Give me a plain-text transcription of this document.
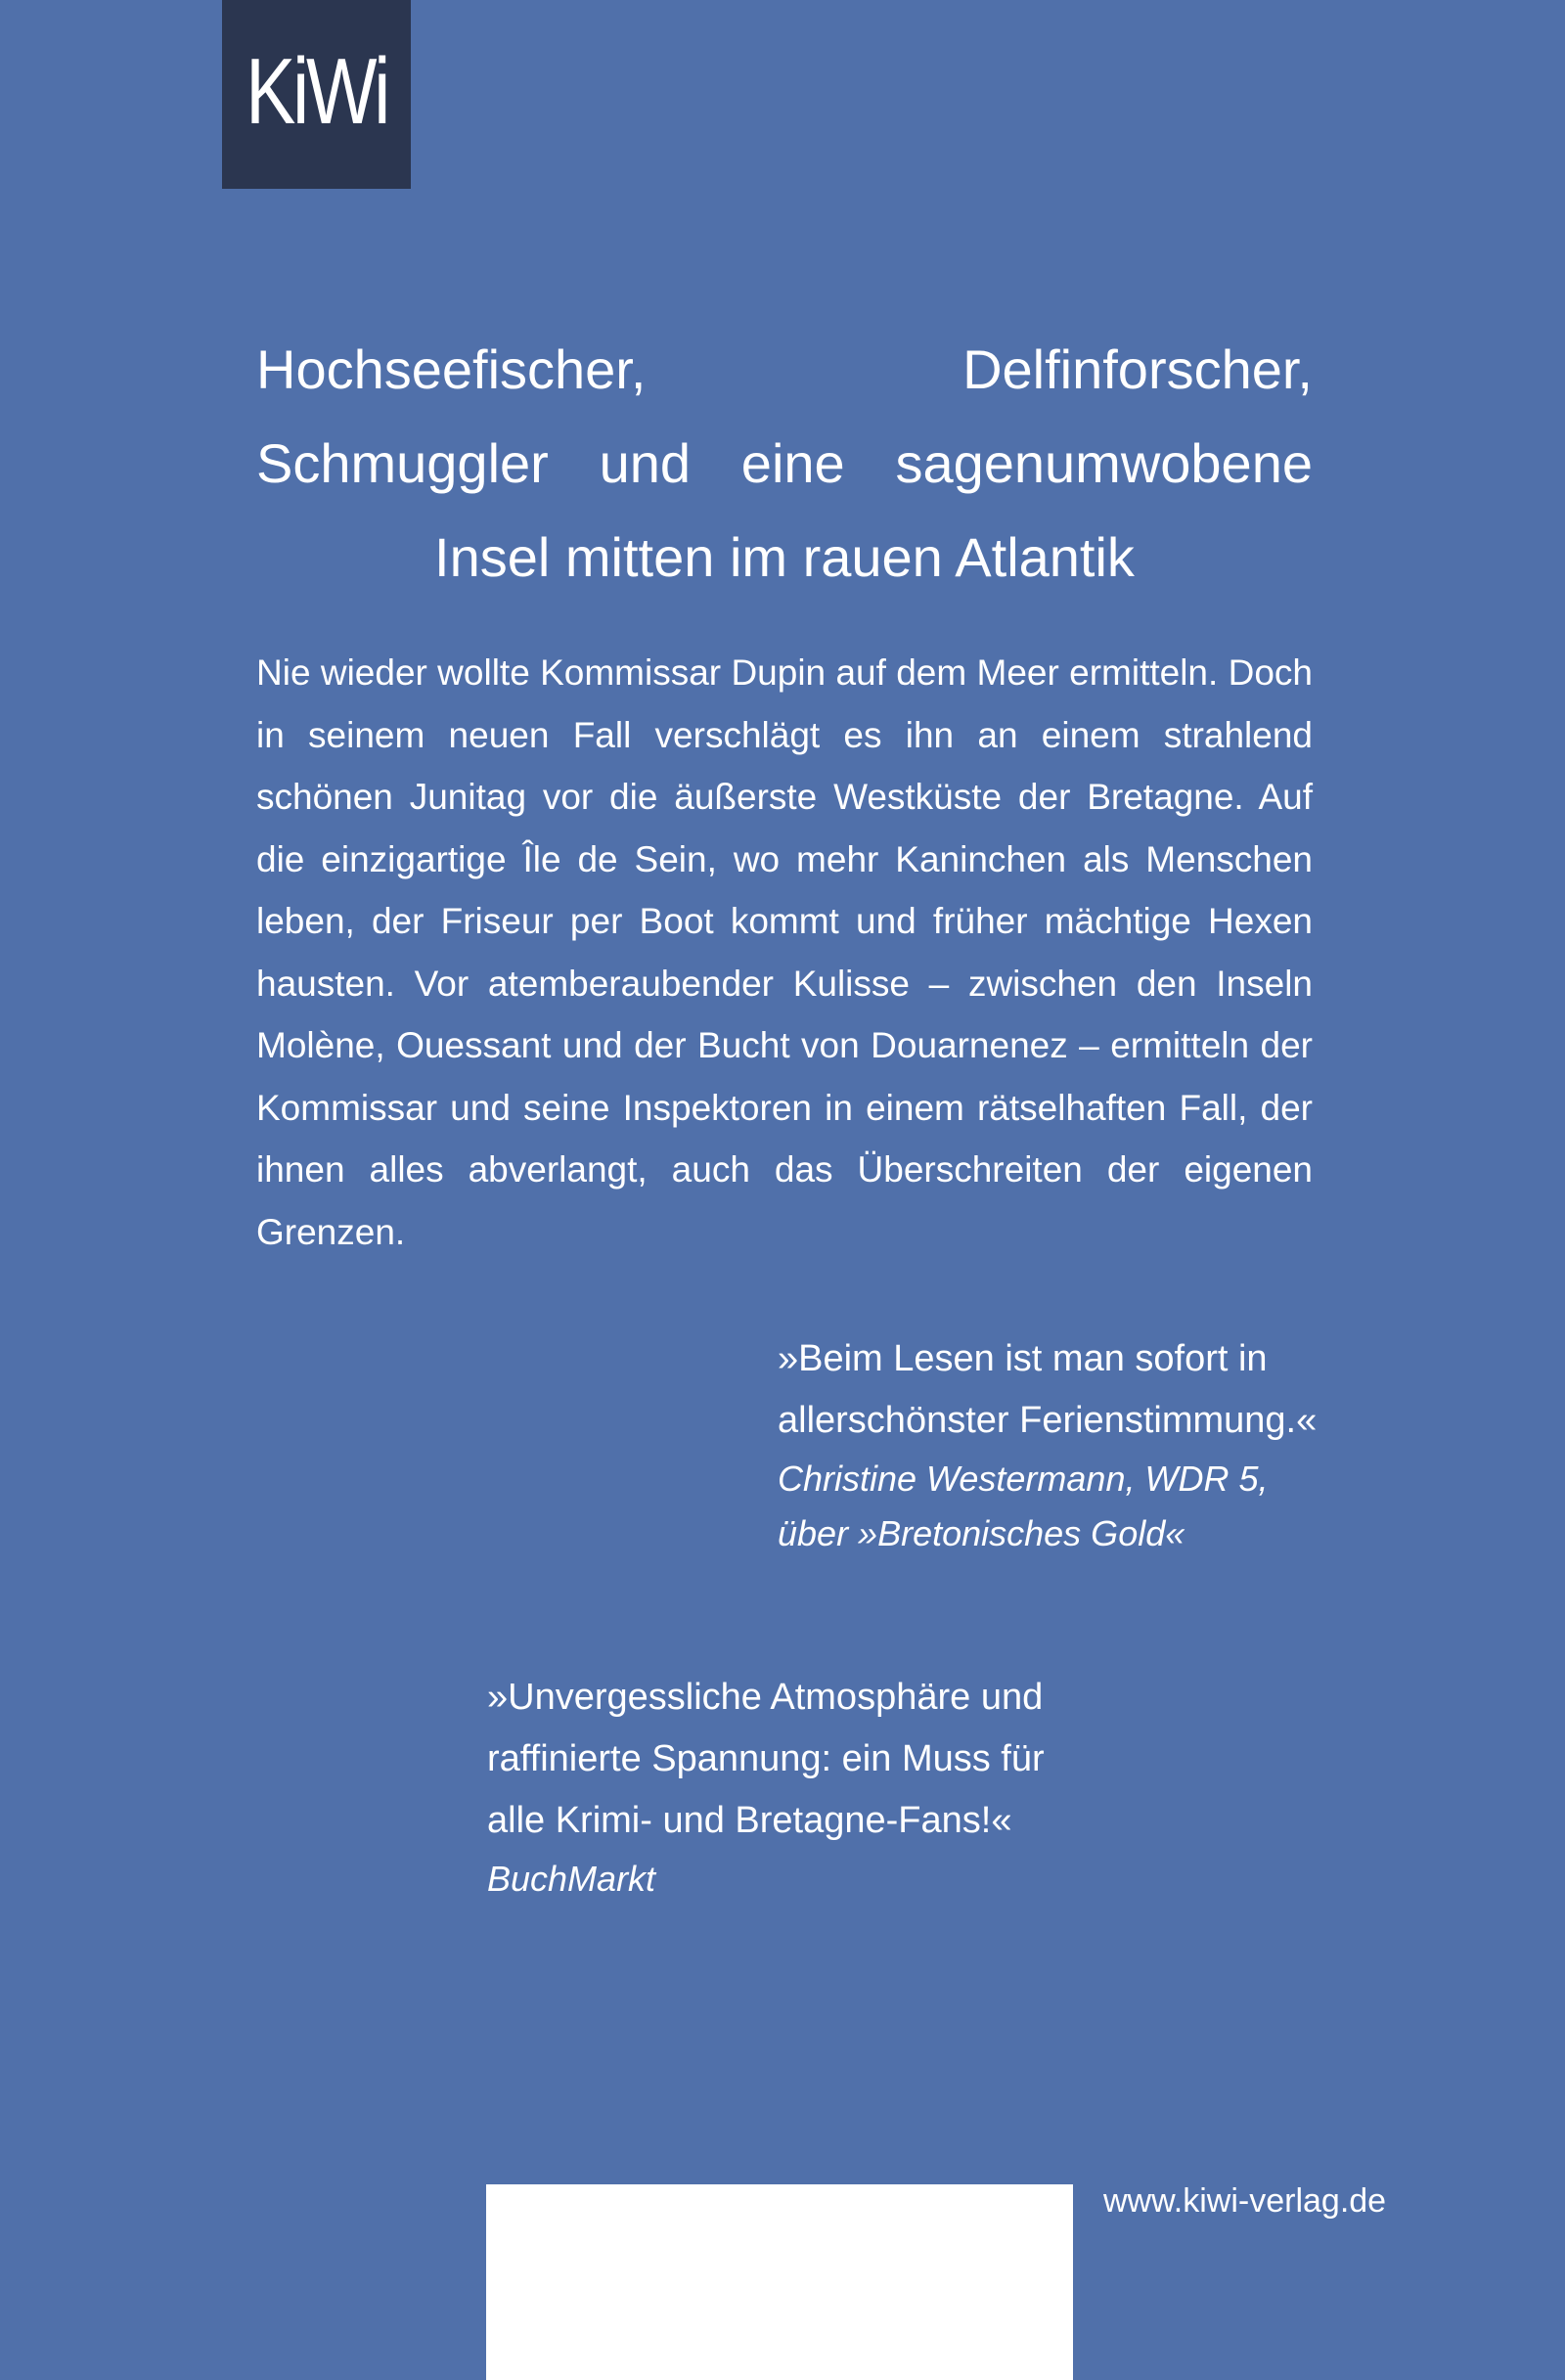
KiWi
Hochseefischer, Delfinforscher, Schmuggler und eine sagenumwobene Insel mitten im rauen Atlantik

Nie wieder wollte Kommissar Dupin auf dem Meer ermitteln. Doch in seinem neuen Fall verschlägt es ihn an einem strahlend schönen Junitag vor die äußerste Westküste der Bretagne. Auf die einzigartige Île de Sein, wo mehr Kaninchen als Menschen leben, der Friseur per Boot kommt und früher mächtige Hexen hausten. Vor atemberaubender Kulisse – zwischen den Inseln Molène, Ouessant und der Bucht von Douarnenez – ermitteln der Kommissar und seine Inspektoren in einem rätselhaften Fall, der ihnen alles abverlangt, auch das Überschreiten der eigenen Grenzen.

»Beim Lesen ist man sofort in allerschönster Ferienstimmung.«
Christine Westermann, WDR 5,
über »Bretonisches Gold«
»Unvergessliche Atmosphäre und raffinierte Spannung: ein Muss für alle Krimi- und Bretagne-Fans!«
BuchMarkt

www.kiwi-verlag.de
